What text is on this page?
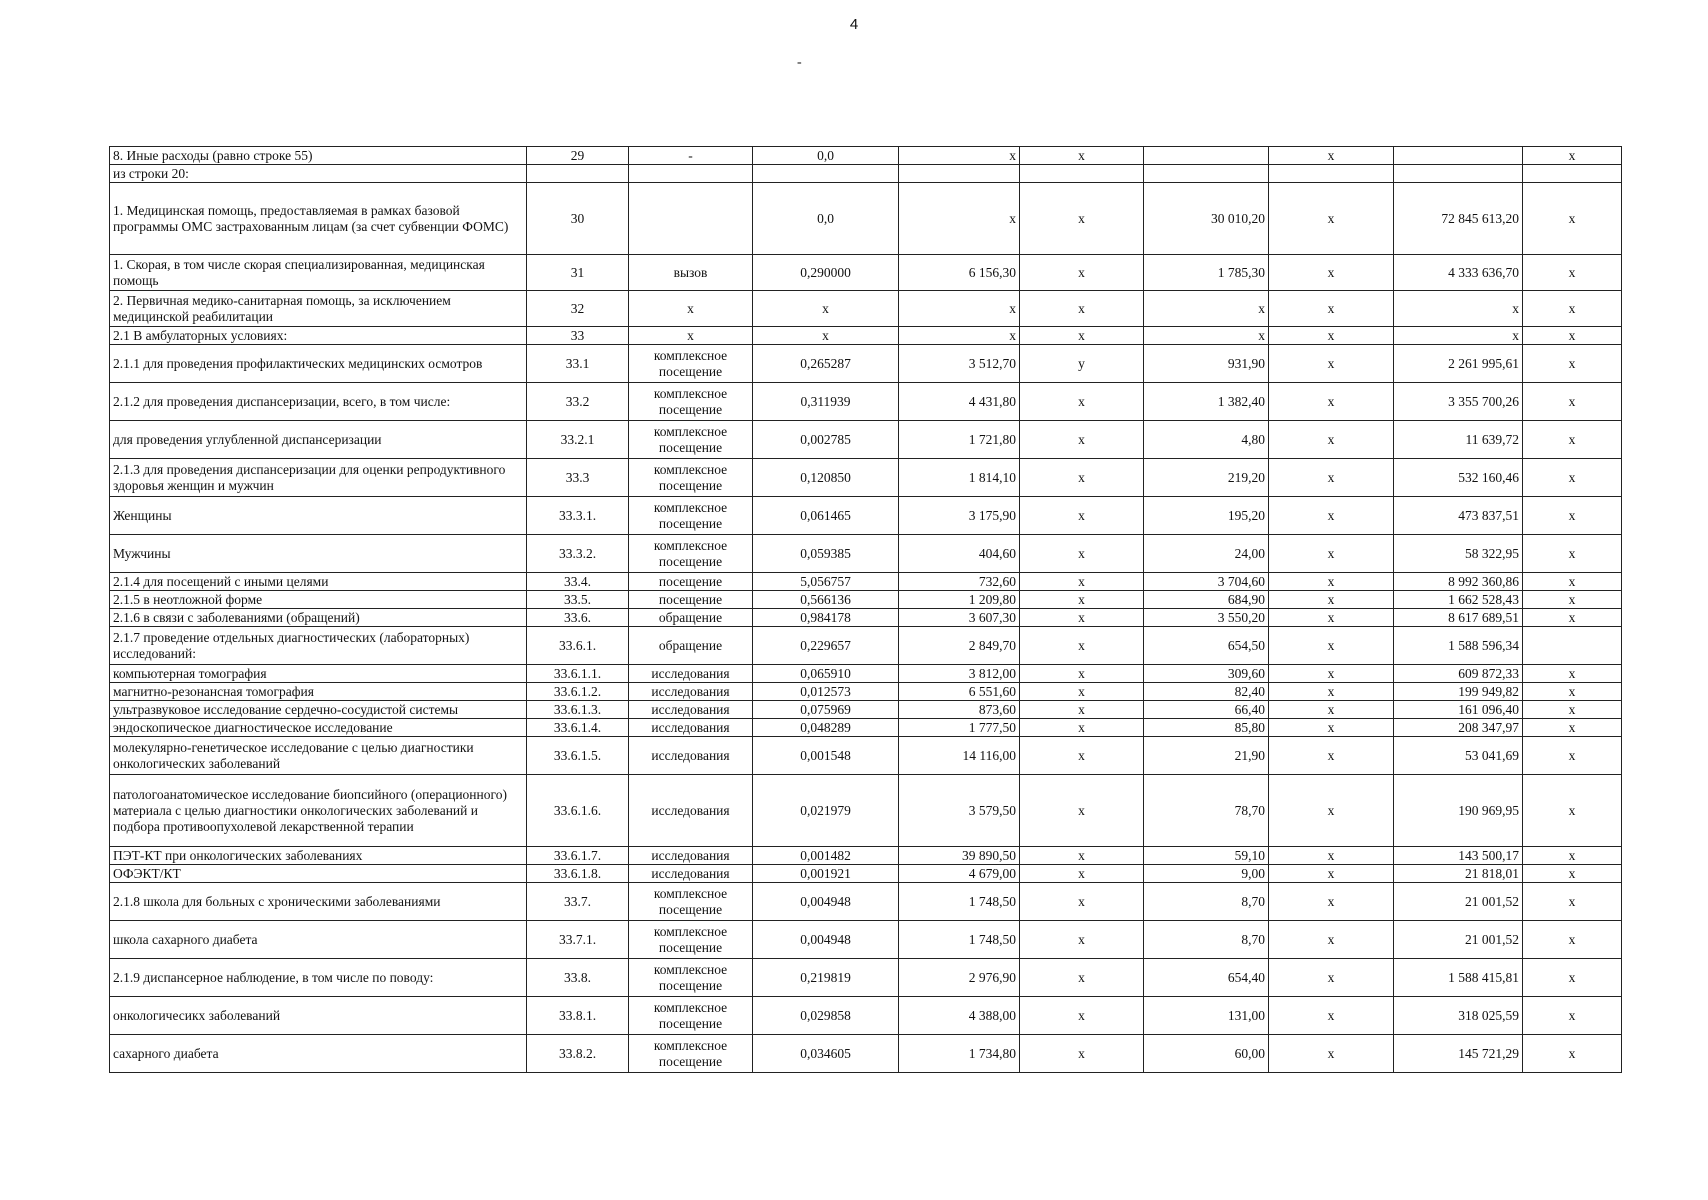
4
-
8. Иные расходы (равно строке 55)	29	-	0,0	x	x		x		x
из строки 20:									
1. Медицинская помощь, предоставляемая в рамках базовой программы ОМС застрахованным лицам (за счет субвенции ФОМС)	30		0,0	x	x	30 010,20	x	72 845 613,20	x
1. Скорая, в том числе скорая специализированная, медицинская помощь	31	вызов	0,290000	6 156,30	x	1 785,30	x	4 333 636,70	x
2. Первичная медико-санитарная помощь, за исключением медицинской реабилитации	32	x	x	x	x	x	x	x	x
2.1 В амбулаторных условиях:	33	x	x	x	x	x	x	x	x
2.1.1 для проведения профилактических медицинских осмотров	33.1	комплексное посещение	0,265287	3 512,70	у	931,90	x	2 261 995,61	x
2.1.2 для проведения диспансеризации, всего, в том числе:	33.2	комплексное посещение	0,311939	4 431,80	x	1 382,40	x	3 355 700,26	x
для проведения углубленной диспансеризации	33.2.1	комплексное посещение	0,002785	1 721,80	x	4,80	x	11 639,72	x
2.1.3 для проведения диспансеризации для оценки репродуктивного здоровья женщин и мужчин	33.3	комплексное посещение	0,120850	1 814,10	x	219,20	x	532 160,46	x
Женщины	33.3.1.	комплексное посещение	0,061465	3 175,90	x	195,20	x	473 837,51	x
Мужчины	33.3.2.	комплексное посещение	0,059385	404,60	x	24,00	x	58 322,95	x
2.1.4 для посещений с иными целями	33.4.	посещение	5,056757	732,60	x	3 704,60	x	8 992 360,86	x
2.1.5 в неотложной форме	33.5.	посещение	0,566136	1 209,80	x	684,90	x	1 662 528,43	x
2.1.6 в связи с заболеваниями (обращений)	33.6.	обращение	0,984178	3 607,30	x	3 550,20	x	8 617 689,51	x
2.1.7 проведение отдельных диагностических (лабораторных) исследований:	33.6.1.	обращение	0,229657	2 849,70	x	654,50	x	1 588 596,34	
компьютерная томография	33.6.1.1.	исследования	0,065910	3 812,00	x	309,60	x	609 872,33	x
магнитно-резонансная томография	33.6.1.2.	исследования	0,012573	6 551,60	x	82,40	x	199 949,82	x
ультразвуковое исследование сердечно-сосудистой системы	33.6.1.3.	исследования	0,075969	873,60	x	66,40	x	161 096,40	x
эндоскопическое диагностическое исследование	33.6.1.4.	исследования	0,048289	1 777,50	x	85,80	x	208 347,97	x
молекулярно-генетическое исследование с целью диагностики онкологических заболеваний	33.6.1.5.	исследования	0,001548	14 116,00	x	21,90	x	53 041,69	x
патологоанатомическое исследование биопсийного (операционного) материала с целью диагностики онкологических заболеваний и подбора противоопухолевой лекарственной терапии	33.6.1.6.	исследования	0,021979	3 579,50	x	78,70	x	190 969,95	x
ПЭТ-КТ при онкологических заболеваниях	33.6.1.7.	исследования	0,001482	39 890,50	x	59,10	x	143 500,17	x
ОФЭКТ/КТ	33.6.1.8.	исследования	0,001921	4 679,00	x	9,00	x	21 818,01	x
2.1.8 школа для больных с хроническими заболеваниями	33.7.	комплексное посещение	0,004948	1 748,50	x	8,70	x	21 001,52	x
школа сахарного диабета	33.7.1.	комплексное посещение	0,004948	1 748,50	x	8,70	x	21 001,52	x
2.1.9 диспансерное наблюдение, в том числе по поводу:	33.8.	комплексное посещение	0,219819	2 976,90	x	654,40	x	1 588 415,81	x
онкологичесикх заболеваний	33.8.1.	комплексное посещение	0,029858	4 388,00	x	131,00	x	318 025,59	x
сахарного диабета	33.8.2.	комплексное посещение	0,034605	1 734,80	x	60,00	x	145 721,29	x
